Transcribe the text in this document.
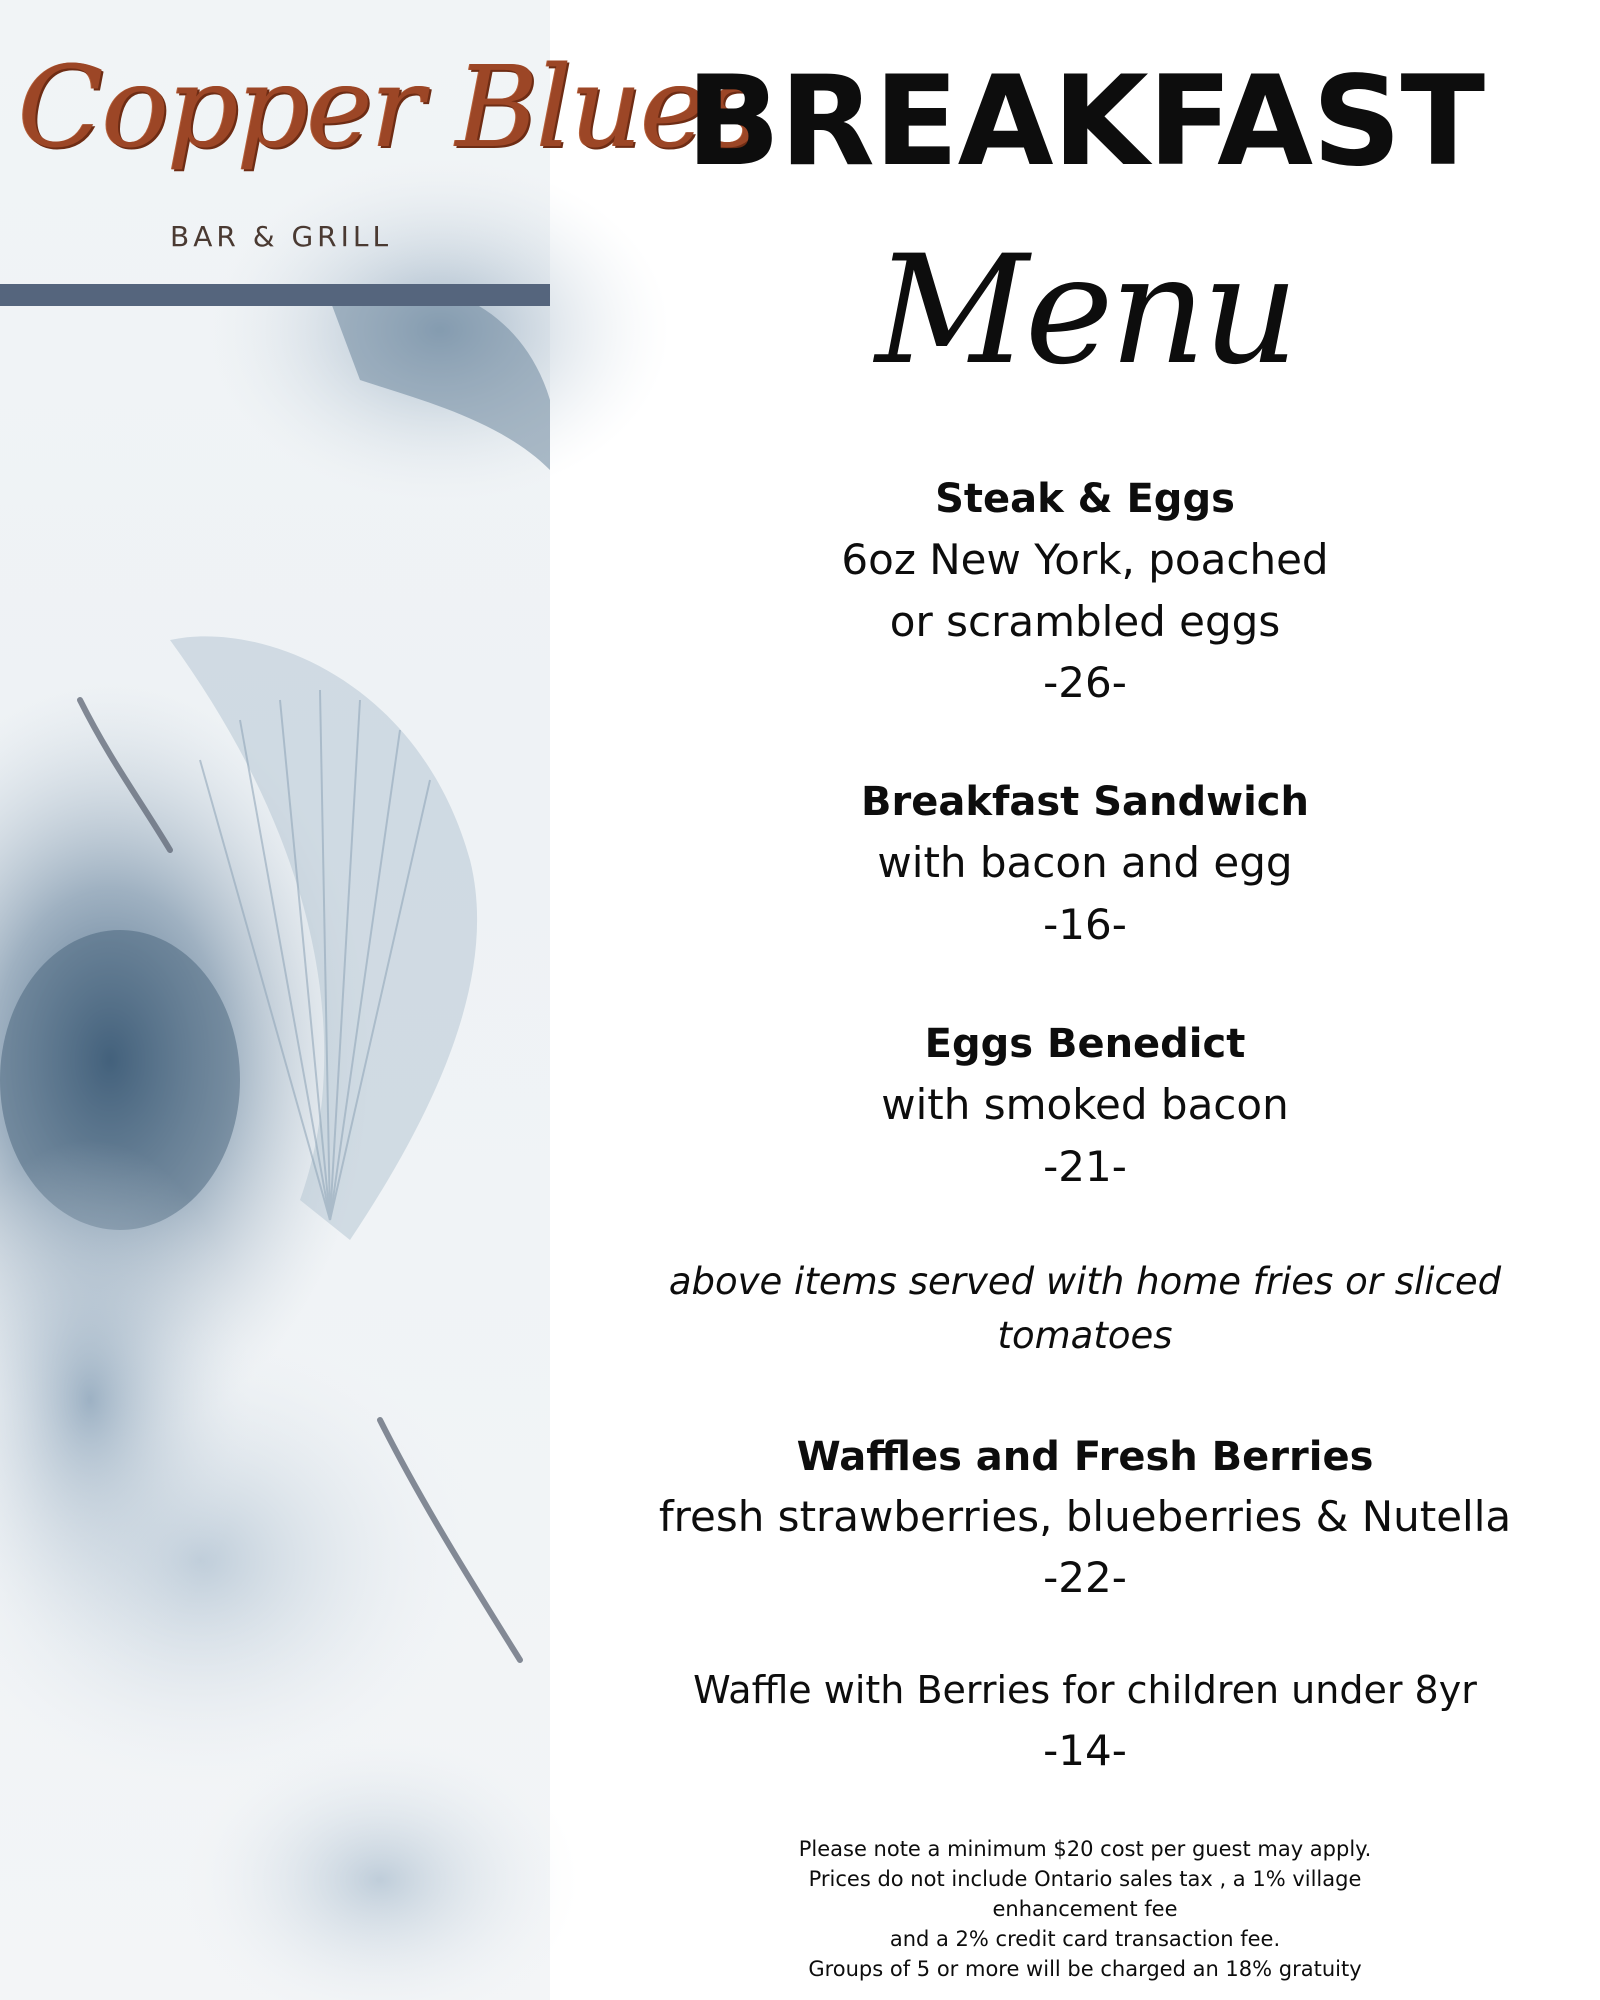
Copper Blues
BAR & GRILL
BREAKFAST
Menu
Steak & Eggs
6oz New York, poached
or scrambled eggs
-26-
Breakfast Sandwich
with bacon and egg
-16-
Eggs Benedict
with smoked bacon
-21-
above items served with home fries or sliced
tomatoes
Waffles and Fresh Berries
fresh strawberries, blueberries & Nutella
-22-
Waffle with Berries for children under 8yr
-14-
Please note a minimum $20 cost per guest may apply.
Prices do not include Ontario sales tax , a 1% village
enhancement fee
and a 2% credit card transaction fee.
Groups of 5 or more will be charged an 18% gratuity
